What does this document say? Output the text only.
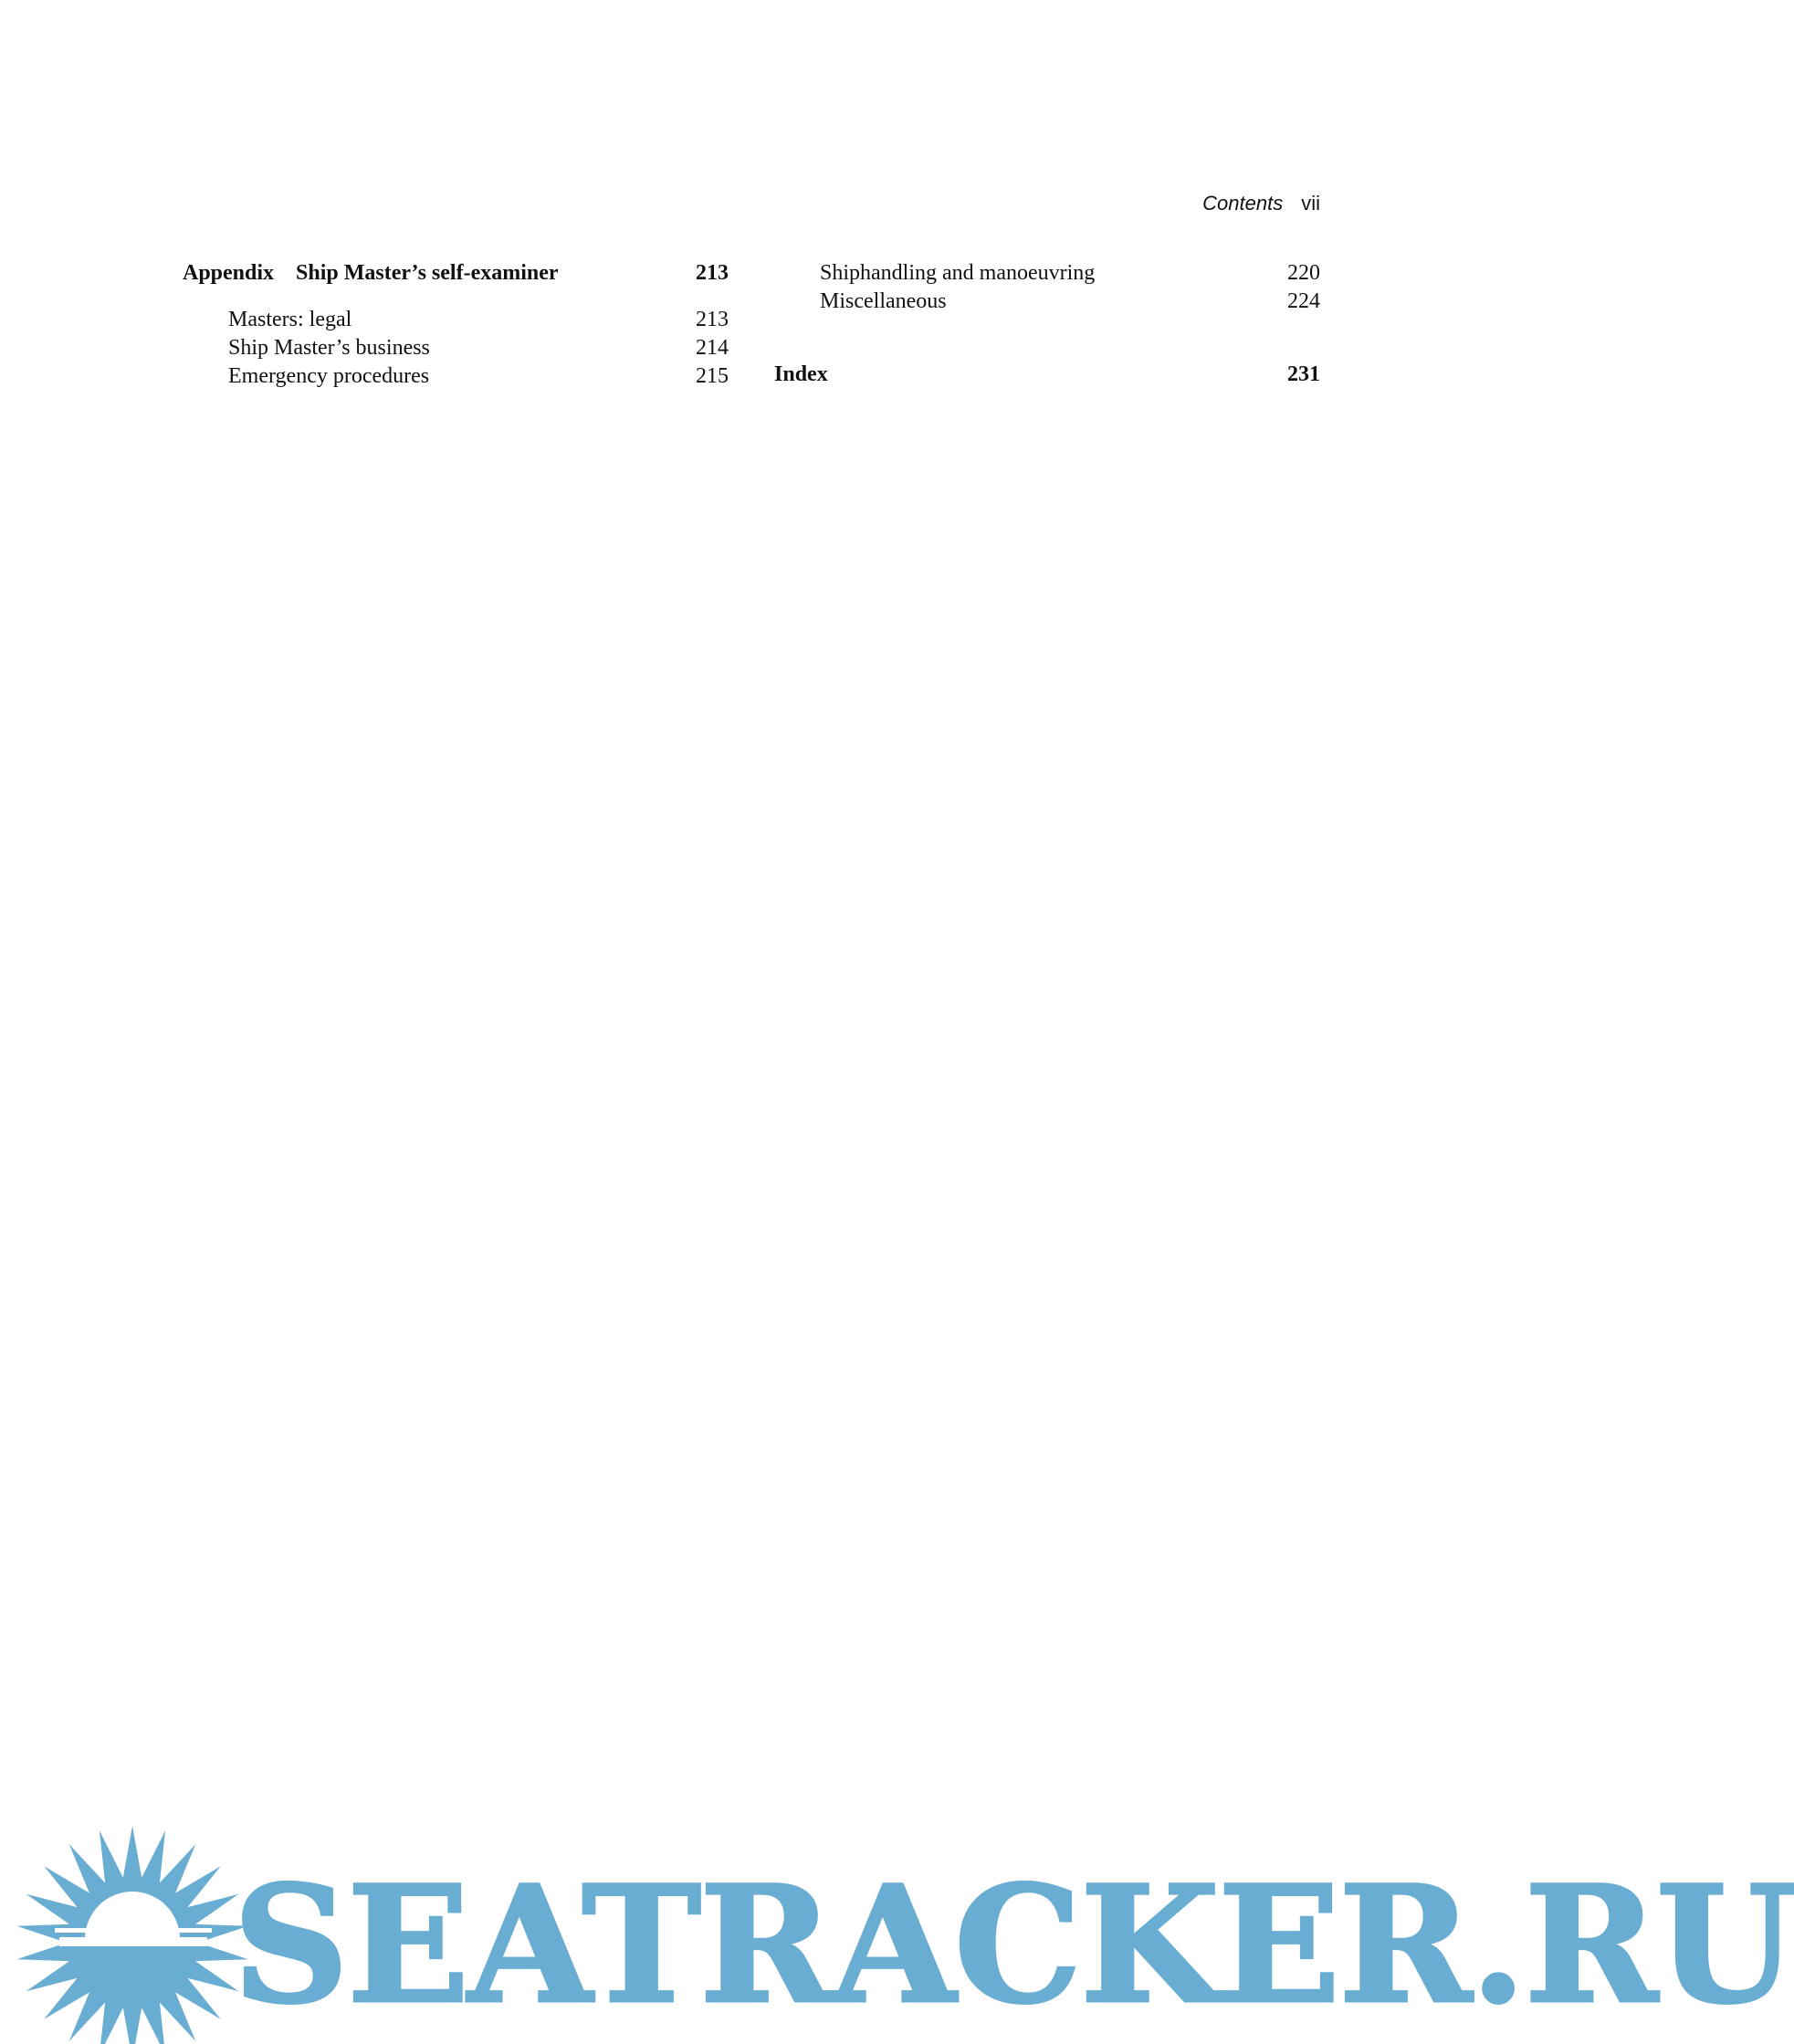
Contents vii
Appendix Ship Master’s self-examiner	213
Masters: legal	213
Ship Master’s business	214
Emergency procedures	215
Shiphandling and manoeuvring	220
Miscellaneous	224
Index	231
SEATRACKER.RU
